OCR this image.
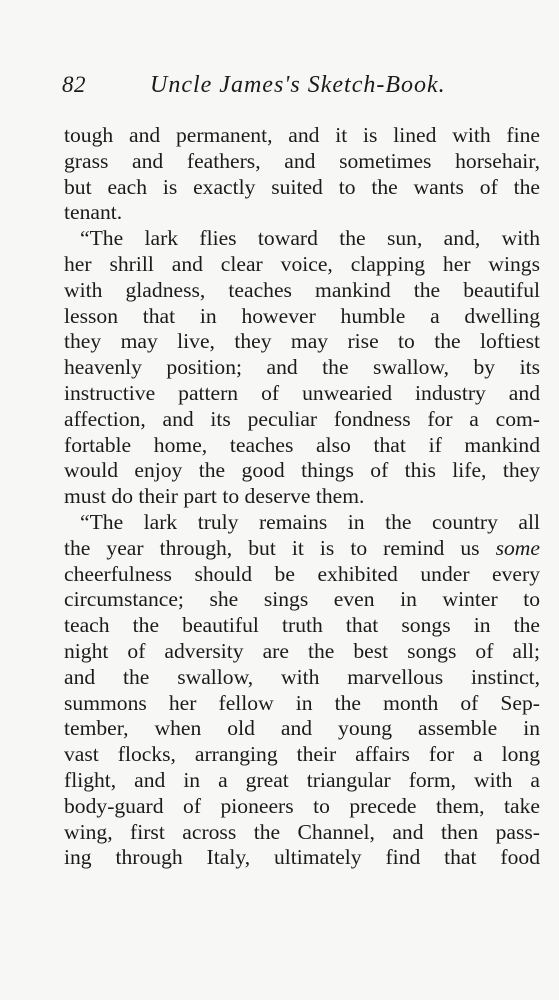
82	Uncle James's Sketch-Book.
tough and permanent, and it is lined with fine
grass and feathers, and sometimes horsehair,
but each is exactly suited to the wants of the
tenant.
“The lark flies toward the sun, and, with
her shrill and clear voice, clapping her wings
with gladness, teaches mankind the beautiful
lesson that in however humble a dwelling
they may live, they may rise to the loftiest
heavenly position; and the swallow, by its
instructive pattern of unwearied industry and
affection, and its peculiar fondness for a com-
fortable home, teaches also that if mankind
would enjoy the good things of this life, they
must do their part to deserve them.
“The lark truly remains in the country all
the year through, but it is to remind us some
cheerfulness should be exhibited under every
circumstance; she sings even in winter to
teach the beautiful truth that songs in the
night of adversity are the best songs of all;
and the swallow, with marvellous instinct,
summons her fellow in the month of Sep-
tember, when old and young assemble in
vast flocks, arranging their affairs for a long
flight, and in a great triangular form, with a
body-guard of pioneers to precede them, take
wing, first across the Channel, and then pass-
ing through Italy, ultimately find that food
